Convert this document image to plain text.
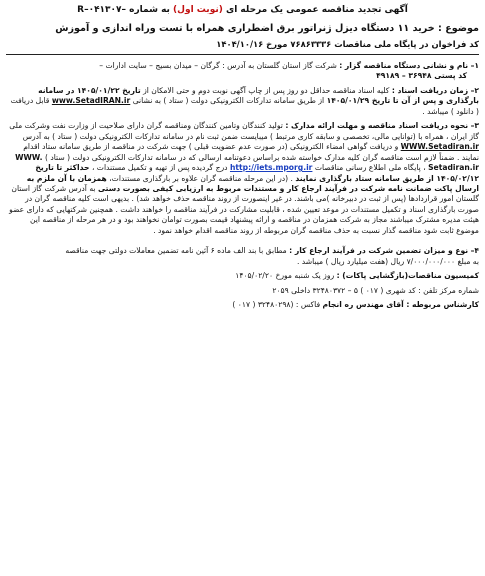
آگهی تجدید مناقصه عمومی یک مرحله ای (نوبت اول) به شماره R–۰۴۱۳۰۷–
موضوع : خرید ۱۱ دستگاه دیزل ژنراتور برق اضطراری همراه با تست وراه اندازی و آموزش
کد فراخوان در پایگاه ملی مناقصات ۷۶۸۶۳۳۳۶ مورخ ۱۴۰۴/۱۰/۱۶
۱– نام و نشانی دستگاه مناقصه گزار : شرکت گاز استان گلستان به آدرس : گرگان – میدان بسیج – سایت ادارات –
کد پستی ۳۶۹۴۸ – ۴۹۱۸۹
۲– زمان دریافت اسناد : کلیه اسناد مناقصه حداقل دو روز پس از چاپ آگهی نوبت دوم و حتی الامکان از تاریخ ۱۴۰۵/۰۱/۲۲ در سامانه بارگذاری و پس از آن تا تاریخ ۱۴۰۵/۰۱/۲۹ از طریق سامانه تدارکات الکترونیکی دولت ( ستاد ) به نشانی www.SetadIRAN.ir قابل دریافت ( دانلود ) میباشد .
۳– نحوه دریافت اسناد مناقصه و مهلت ارائه مدارک : تولید کنندگان وتامین کنندگان ومناقصه گران دارای صلاحیت از وزارت نفت وشرکت ملی گاز ایران ، همراه با (توانایی مالی، تخصصی و سابقه کاری مرتبط ) میبایست ضمن ثبت نام در سامانه تدارکات الکترونیکی دولت ( ستاد ) به آدرس WWW.Setadiran.ir و دریافت گواهی امضاء الکترونیکی (در صورت عدم عضویت قبلی ) جهت شرکت در مناقصه از طریق سامانه ستاد اقدام نمایند . ضمناً لازم است مناقصه گران کلیه مدارک خواسته شده براساس دعوتنامه ارسالی که در سامانه تدارکات الکترونیکی دولت ( ستاد ) WWW. Setadiran.ir ، پایگاه ملی اطلاع رسانی مناقصات http://iets.mporg.ir درج گردیده پس از تهیه و تکمیل مستندات ، حداکثر تا تاریخ ۱۴۰۵/۰۲/۱۲ از طریق سامانه ستاد بارگذاری نمایند . (در این مرحله مناقصه گران علاوه بر بارگذاری مستندات، همزمان با آن ملزم به ارسال پاکت ضمانت نامه شرکت در فرآیند ارجاع کار و مستندات مربوط به ارزیابی کیفی بصورت دستی به آدرس شرکت گاز استان گلستان امور قراردادها (پس از ثبت در دبیرخانه )می باشند. در غیر اینصورت از روند مناقصه حذف خواهد شد) . بدیهی است کلیه مناقصه گران در صورت بارگذاری اسناد و تکمیل مستندات در موعد تعیین شده ، قابلیت مشارکت در فرآیند مناقصه را خواهند داشت . همچنین شرکتهایی که دارای عضو هیئت مدیره مشترک میباشند مجاز به شرکت همزمان در مناقصه و ارائه پیشنهاد قیمت بصورت توامان نخواهند بود و در هر مرحله از مناقصه این موضوع ثابت شود مناقصه گذار نسبت به حذف مناقصه گران مربوطه از روند مناقصه اقدام خواهد نمود .
۴– نوع و میزان تضمین شرکت در فرآیند ارجاع کار : مطابق با بند الف ماده ۶ آئین نامه تضمین معاملات دولتی جهت مناقصه
به مبلغ ۷/۰۰۰/۰۰۰/۰۰۰ ریال (هفت میلیارد ریال ) میباشد .
کمیسیون مناقصات(بازگشایی پاکات) : روز یک شنبه مورخ ۱۴۰۵/۰۲/۲۰
شماره مرکز تلفن : کد شهری ( ۰۱۷ ) ۵ – ۳۲۴۸۰۳۷۲ داخلی ۲۰۵۹
کارشناس مربوطه : آقای مهندس ره انجام فاکس : (۳۲۴۸۰۲۹۸ ( ۰۱۷ )
